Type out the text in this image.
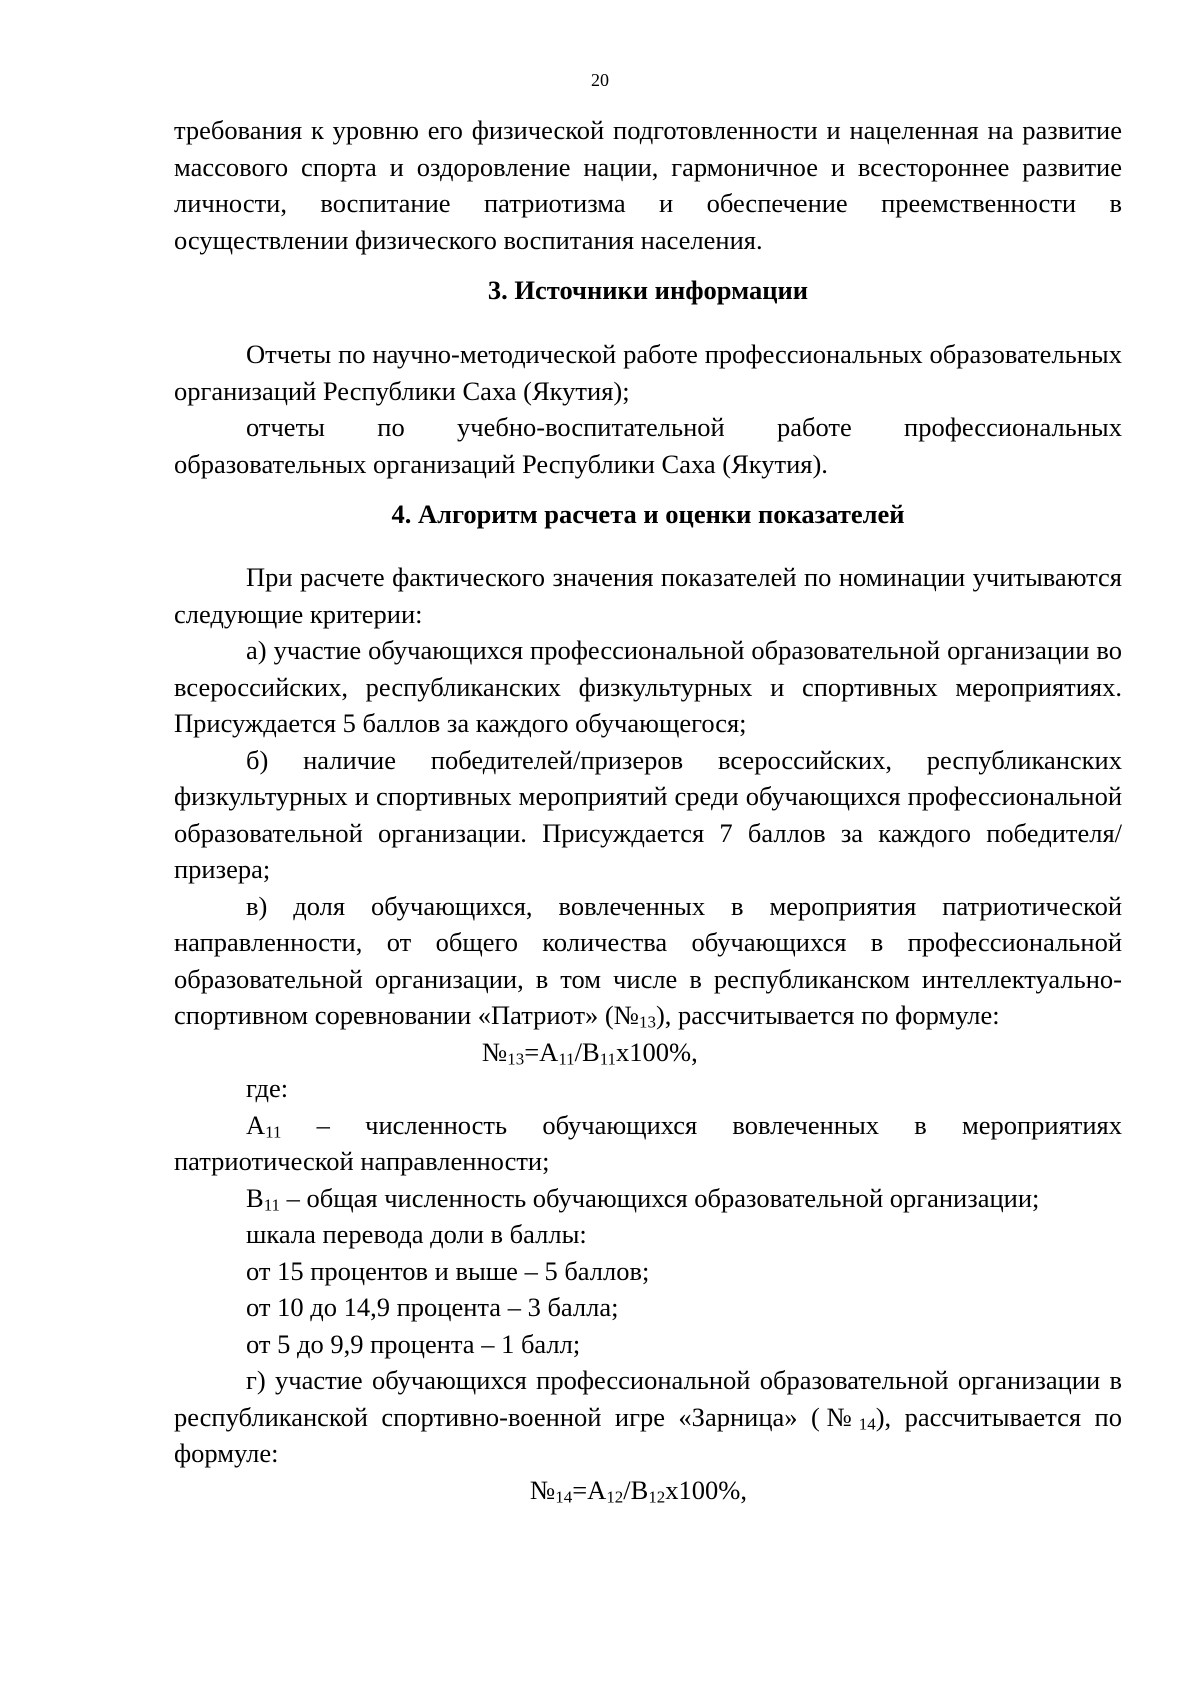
20

требования к уровню его физической подготовленности и нацеленная на развитие массового спорта и оздоровление нации, гармоничное и всестороннее развитие личности, воспитание патриотизма и обеспечение преемственности в осуществлении физического воспитания населения.

3. Источники информации

Отчеты по научно-методической работе профессиональных образовательных организаций Республики Саха (Якутия);

отчеты по учебно-воспитательной работе профессиональных образовательных организаций Республики Саха (Якутия).

4. Алгоритм расчета и оценки показателей

При расчете фактического значения показателей по номинации учитываются следующие критерии:

а) участие обучающихся профессиональной образовательной организации во всероссийских, республиканских физкультурных и спортивных мероприятиях. Присуждается 5 баллов за каждого обучающегося;

б) наличие победителей/призеров всероссийских, республиканских физкультурных и спортивных мероприятий среди обучающихся профессиональной образовательной организации. Присуждается 7 баллов за каждого победителя/призера;

в) доля обучающихся, вовлеченных в мероприятия патриотической направленности, от общего количества обучающихся в профессиональной образовательной организации, в том числе в республиканском интеллектуально-спортивном соревновании «Патриот» $(№_{13})$, рассчитывается по формуле:

$№_{13}=А_{11}/В_{11}х100\%$,

где:

$А_{11}$ – численность обучающихся вовлеченных в мероприятиях патриотической направленности;

$В_{11}$ – общая численность обучающихся образовательной организации;

шкала перевода доли в баллы:

от 15 процентов и выше – 5 баллов;

от 10 до 14,9 процента – 3 балла;

от 5 до 9,9 процента – 1 балл;

г) участие обучающихся профессиональной образовательной организации в республиканской спортивно-военной игре «Зарница» $(№_{14})$, рассчитывается по формуле:

$№_{14}=А_{12}/В_{12}х100\%$,
